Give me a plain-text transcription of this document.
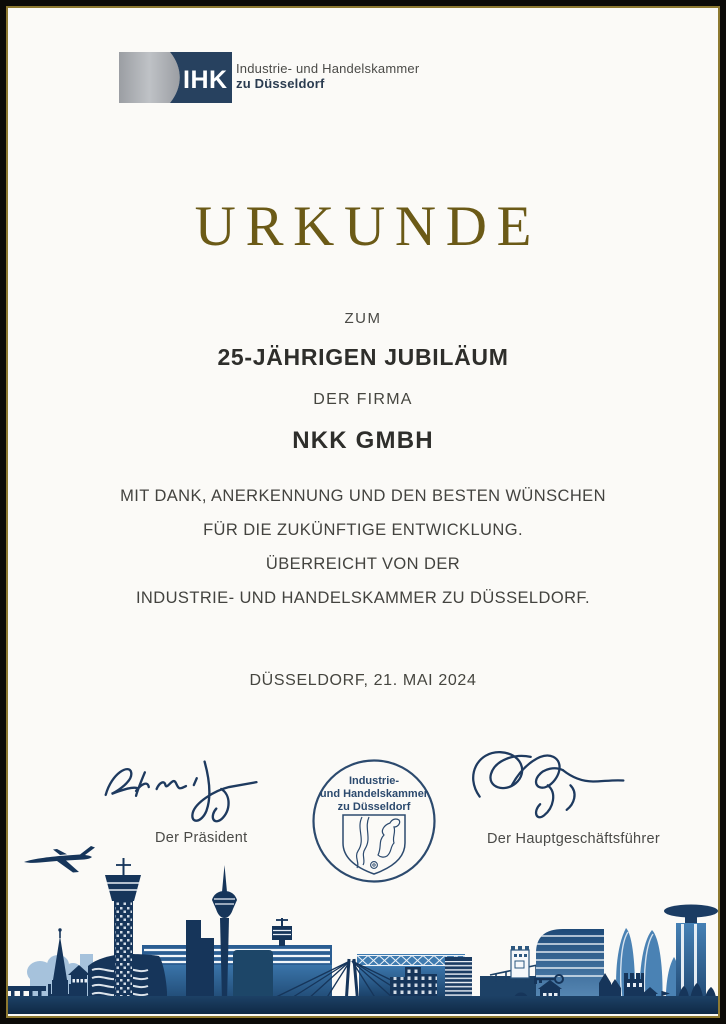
IHK Industrie- und Handelskammer
zu Düsseldorf
URKUNDE
ZUM
25-JÄHRIGEN JUBILÄUM
DER FIRMA
NKK GMBH
MIT DANK, ANERKENNUNG UND DEN BESTEN WÜNSCHEN
FÜR DIE ZUKÜNFTIGE ENTWICKLUNG.
ÜBERREICHT VON DER
INDUSTRIE- UND HANDELSKAMMER ZU DÜSSELDORF.
DÜSSELDORF, 21. MAI 2024
Der Präsident	Der Hauptgeschäftsführer
Industrie-
und Handelskammer
zu Düsseldorf
